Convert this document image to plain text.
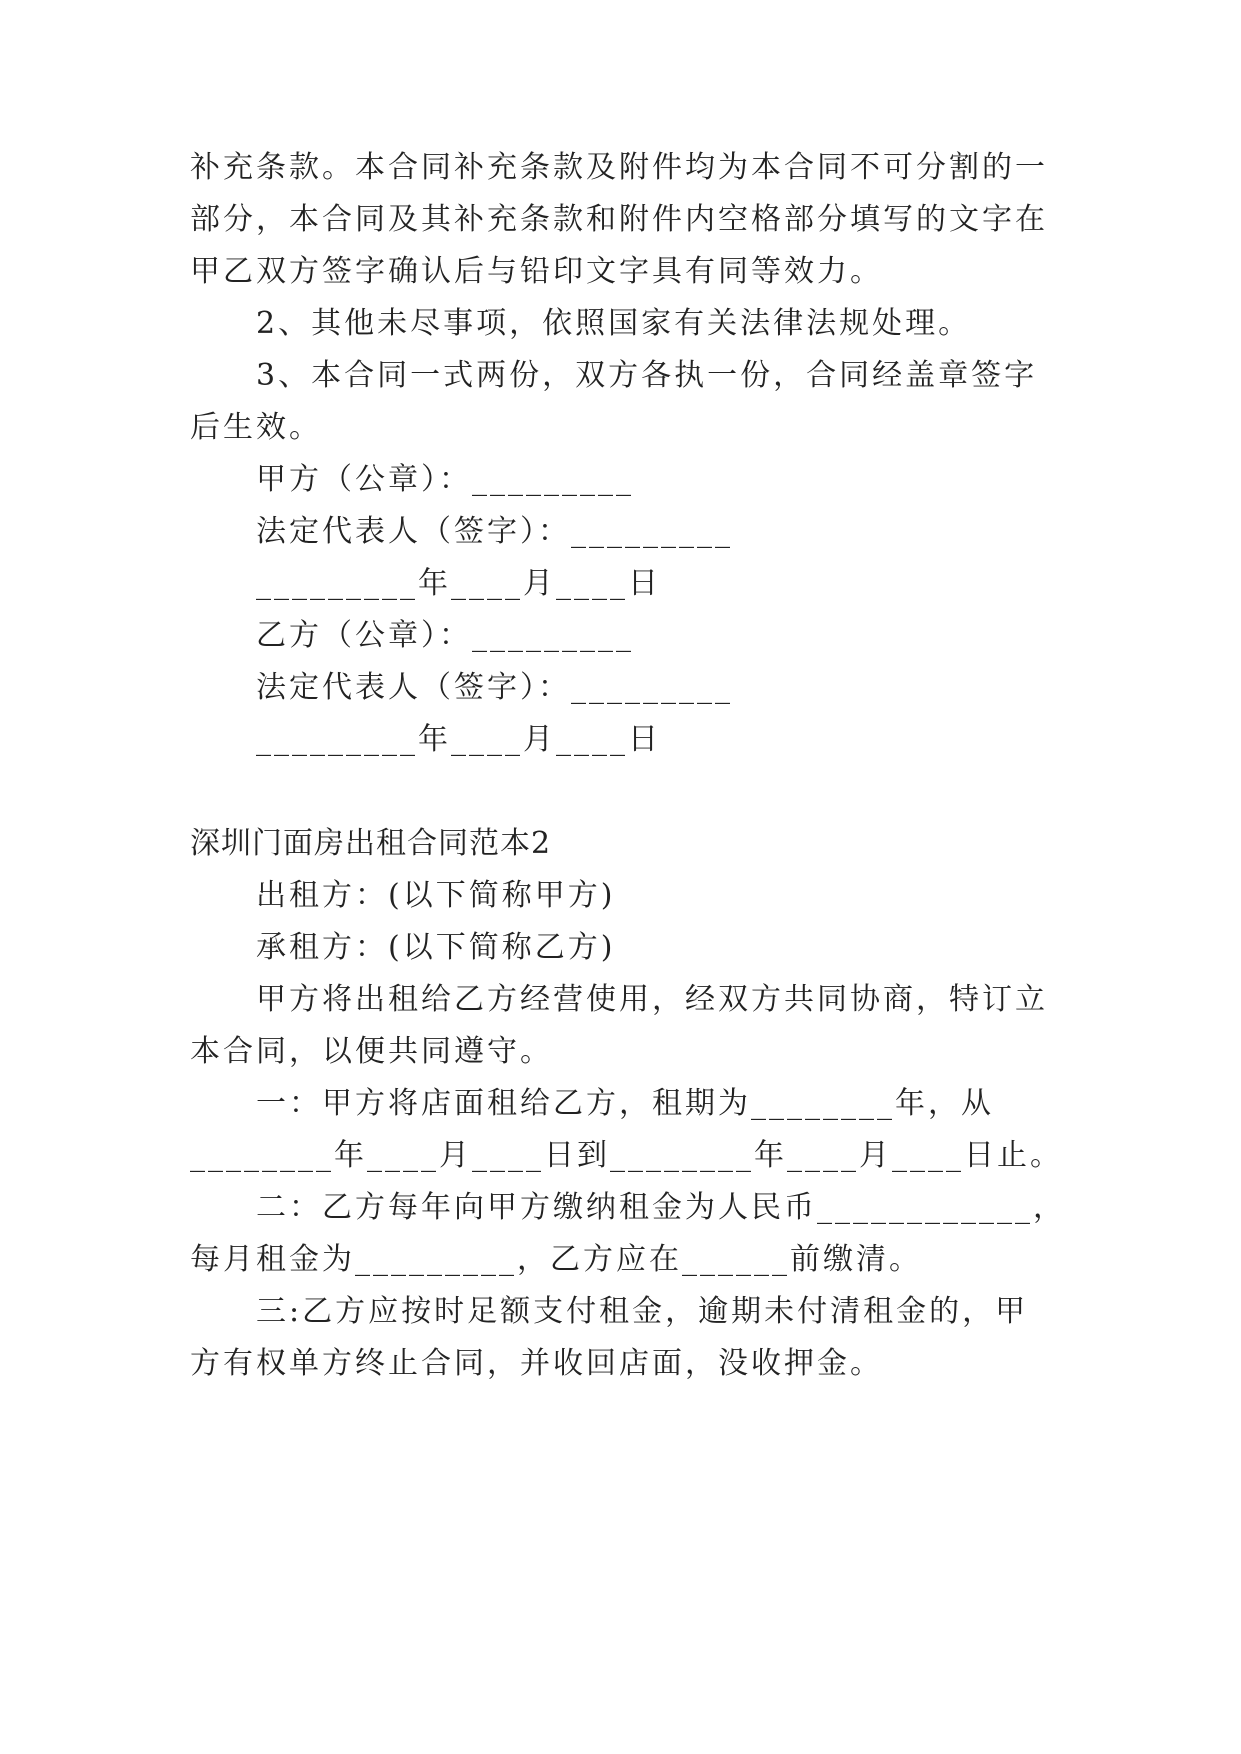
补充条款。本合同补充条款及附件均为本合同不可分割的一
部分，本合同及其补充条款和附件内空格部分填写的文字在
甲乙双方签字确认后与铅印文字具有同等效力。
2、其他未尽事项，依照国家有关法律法规处理。
3、本合同一式两份，双方各执一份，合同经盖章签字
后生效。
甲方（公章）：_________
法定代表人（签字）：_________
_________年____月____日
乙方（公章）：_________
法定代表人（签字）：_________
_________年____月____日
深圳门面房出租合同范本2
出租方：(以下简称甲方)
承租方：(以下简称乙方)
甲方将出租给乙方经营使用，经双方共同协商，特订立
本合同，以便共同遵守。
一：甲方将店面租给乙方，租期为________年，从
________年____月____日到________年____月____日止。
二：乙方每年向甲方缴纳租金为人民币____________，
每月租金为_________，乙方应在______前缴清。
三:乙方应按时足额支付租金，逾期未付清租金的，甲
方有权单方终止合同，并收回店面，没收押金。
